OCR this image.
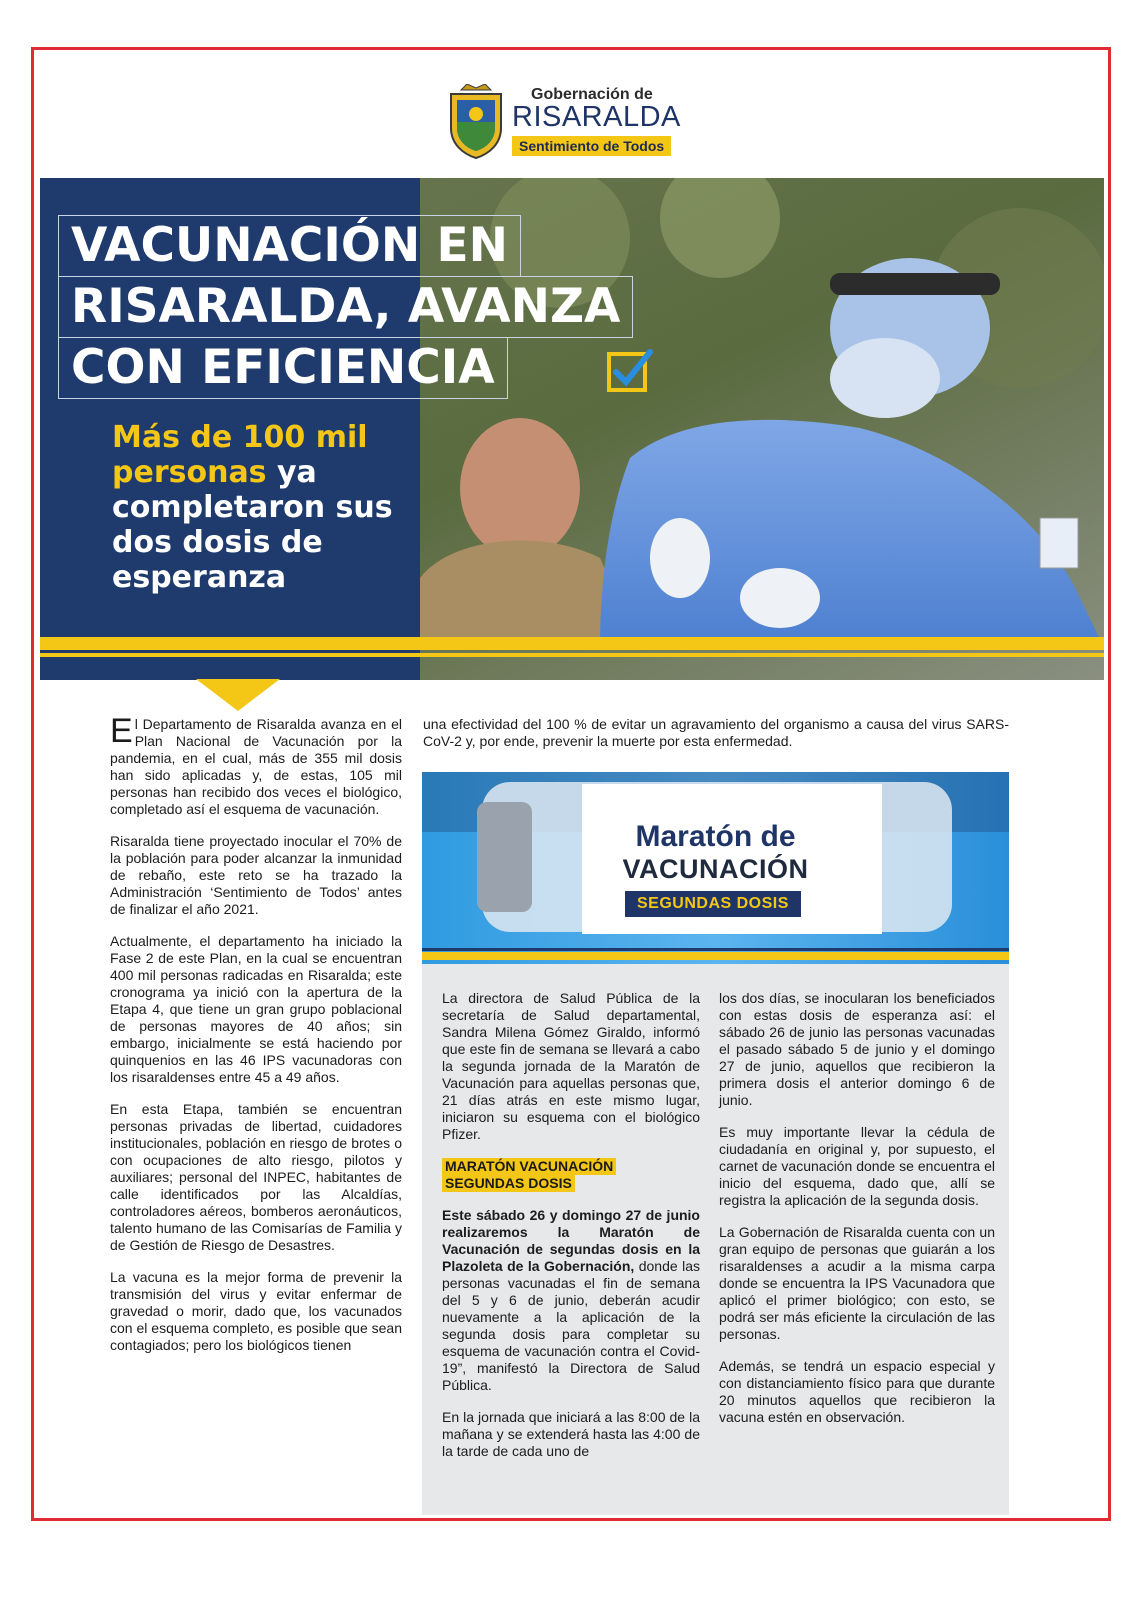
Gobernación de
RISARALDA
Sentimiento de Todos
VACUNACIÓN EN
RISARALDA, AVANZA
CON EFICIENCIA
Más de 100 mil personas ya completaron sus dos dosis de esperanza

El Departamento de Risaralda avanza en el Plan Nacional de Vacunación por la pandemia, en el cual, más de 355 mil dosis han sido aplicadas y, de estas, 105 mil personas han recibido dos veces el biológico, completado así el esquema de vacunación.

Risaralda tiene proyectado inocular el 70% de la población para poder alcanzar la inmunidad de rebaño, este reto se ha trazado la Administración ‘Sentimiento de Todos’ antes de finalizar el año 2021.

Actualmente, el departamento ha iniciado la Fase 2 de este Plan, en la cual se encuentran 400 mil personas radicadas en Risaralda; este cronograma ya inició con la apertura de la Etapa 4, que tiene un gran grupo poblacional de personas mayores de 40 años; sin embargo, inicialmente se está haciendo por quinquenios en las 46 IPS vacunadoras con los risaraldenses entre 45 a 49 años.

En esta Etapa, también se encuentran personas privadas de libertad, cuidadores institucionales, población en riesgo de brotes o con ocupaciones de alto riesgo, pilotos y auxiliares; personal del INPEC, habitantes de calle identificados por las Alcaldías, controladores aéreos, bomberos aeronáuticos, talento humano de las Comisarías de Familia y de Gestión de Riesgo de Desastres.

La vacuna es la mejor forma de prevenir la transmisión del virus y evitar enfermar de gravedad o morir, dado que, los vacunados con el esquema completo, es posible que sean contagiados; pero los biológicos tienen

una efectividad del 100 % de evitar un agravamiento del organismo a causa del virus SARS-CoV-2 y, por ende, prevenir la muerte por esta enfermedad.
Maratón de
VACUNACIÓN
SEGUNDAS DOSIS

La directora de Salud Pública de la secretaría de Salud departamental, Sandra Milena Gómez Giraldo, informó que este fin de semana se llevará a cabo la segunda jornada de la Maratón de Vacunación para aquellas personas que, 21 días atrás en este mismo lugar, iniciaron su esquema con el biológico Pfizer.

MARATÓN VACUNACIÓN
SEGUNDAS DOSIS

Este sábado 26 y domingo 27 de junio realizaremos la Maratón de Vacunación de segundas dosis en la Plazoleta de la Gobernación, donde las personas vacunadas el fin de semana del 5 y 6 de junio, deberán acudir nuevamente a la aplicación de la segunda dosis para completar su esquema de vacunación contra el Covid-19”, manifestó la Directora de Salud Pública.

En la jornada que iniciará a las 8:00 de la mañana y se extenderá hasta las 4:00 de la tarde de cada uno de

los dos días, se inocularan los beneficiados con estas dosis de esperanza así: el sábado 26 de junio las personas vacunadas el pasado sábado 5 de junio y el domingo 27 de junio, aquellos que recibieron la primera dosis el anterior domingo 6 de junio.

Es muy importante llevar la cédula de ciudadanía en original y, por supuesto, el carnet de vacunación donde se encuentra el inicio del esquema, dado que, allí se registra la aplicación de la segunda dosis.

La Gobernación de Risaralda cuenta con un gran equipo de personas que guiarán a los risaraldenses a acudir a la misma carpa donde se encuentra la IPS Vacunadora que aplicó el primer biológico; con esto, se podrá ser más eficiente la circulación de las personas.

Además, se tendrá un espacio especial y con distanciamiento físico para que durante 20 minutos aquellos que recibieron la vacuna estén en observación.
